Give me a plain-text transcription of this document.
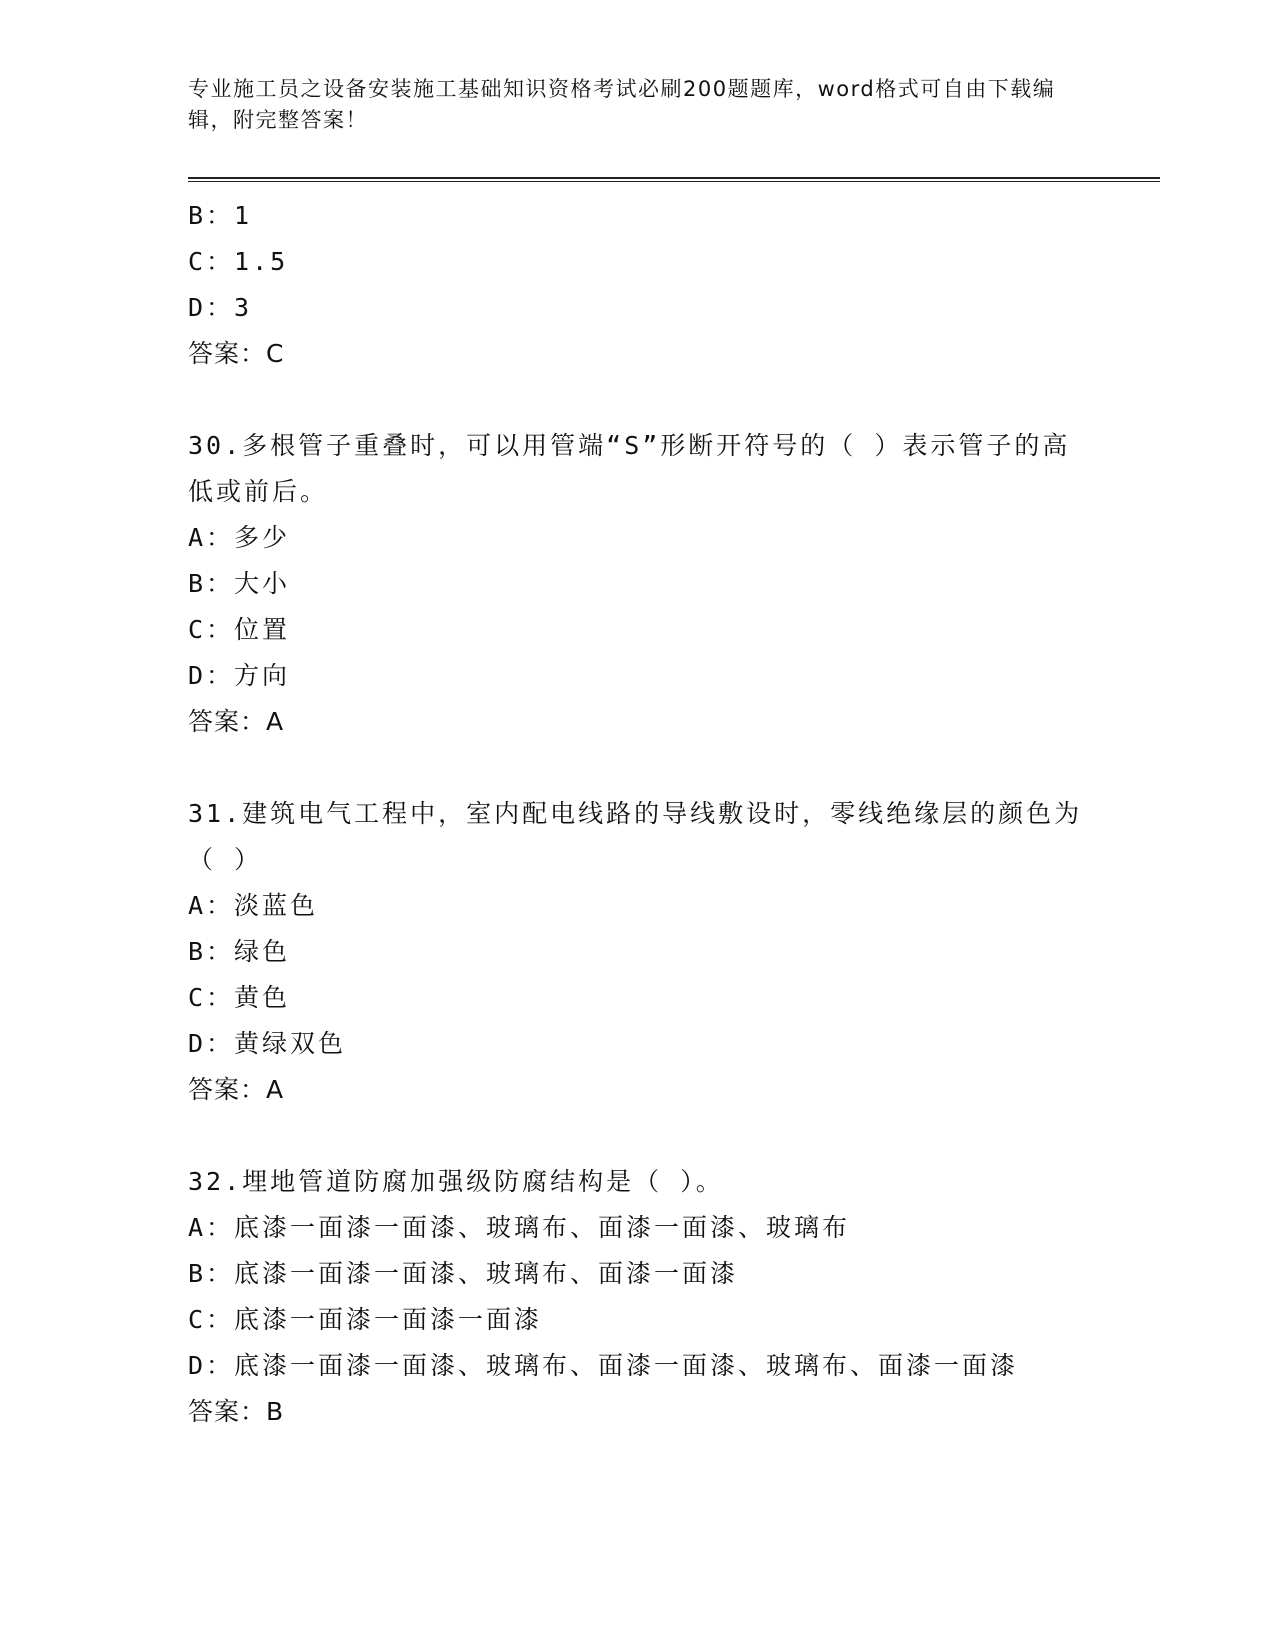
专业施工员之设备安装施工基础知识资格考试必刷200题题库，word格式可自由下载编辑，附完整答案！
B：1
C：1.5
D：3
答案：C
30.多根管子重叠时，可以用管端“S”形断开符号的（ ）表示管子的高低或前后。
A：多少
B：大小
C：位置
D：方向
答案：A
31.建筑电气工程中，室内配电线路的导线敷设时，零线绝缘层的颜色为（ ）
A：淡蓝色
B：绿色
C：黄色
D：黄绿双色
答案：A
32.埋地管道防腐加强级防腐结构是（ ）。
A：底漆一面漆一面漆、玻璃布、面漆一面漆、玻璃布
B：底漆一面漆一面漆、玻璃布、面漆一面漆
C：底漆一面漆一面漆一面漆
D：底漆一面漆一面漆、玻璃布、面漆一面漆、玻璃布、面漆一面漆
答案：B
